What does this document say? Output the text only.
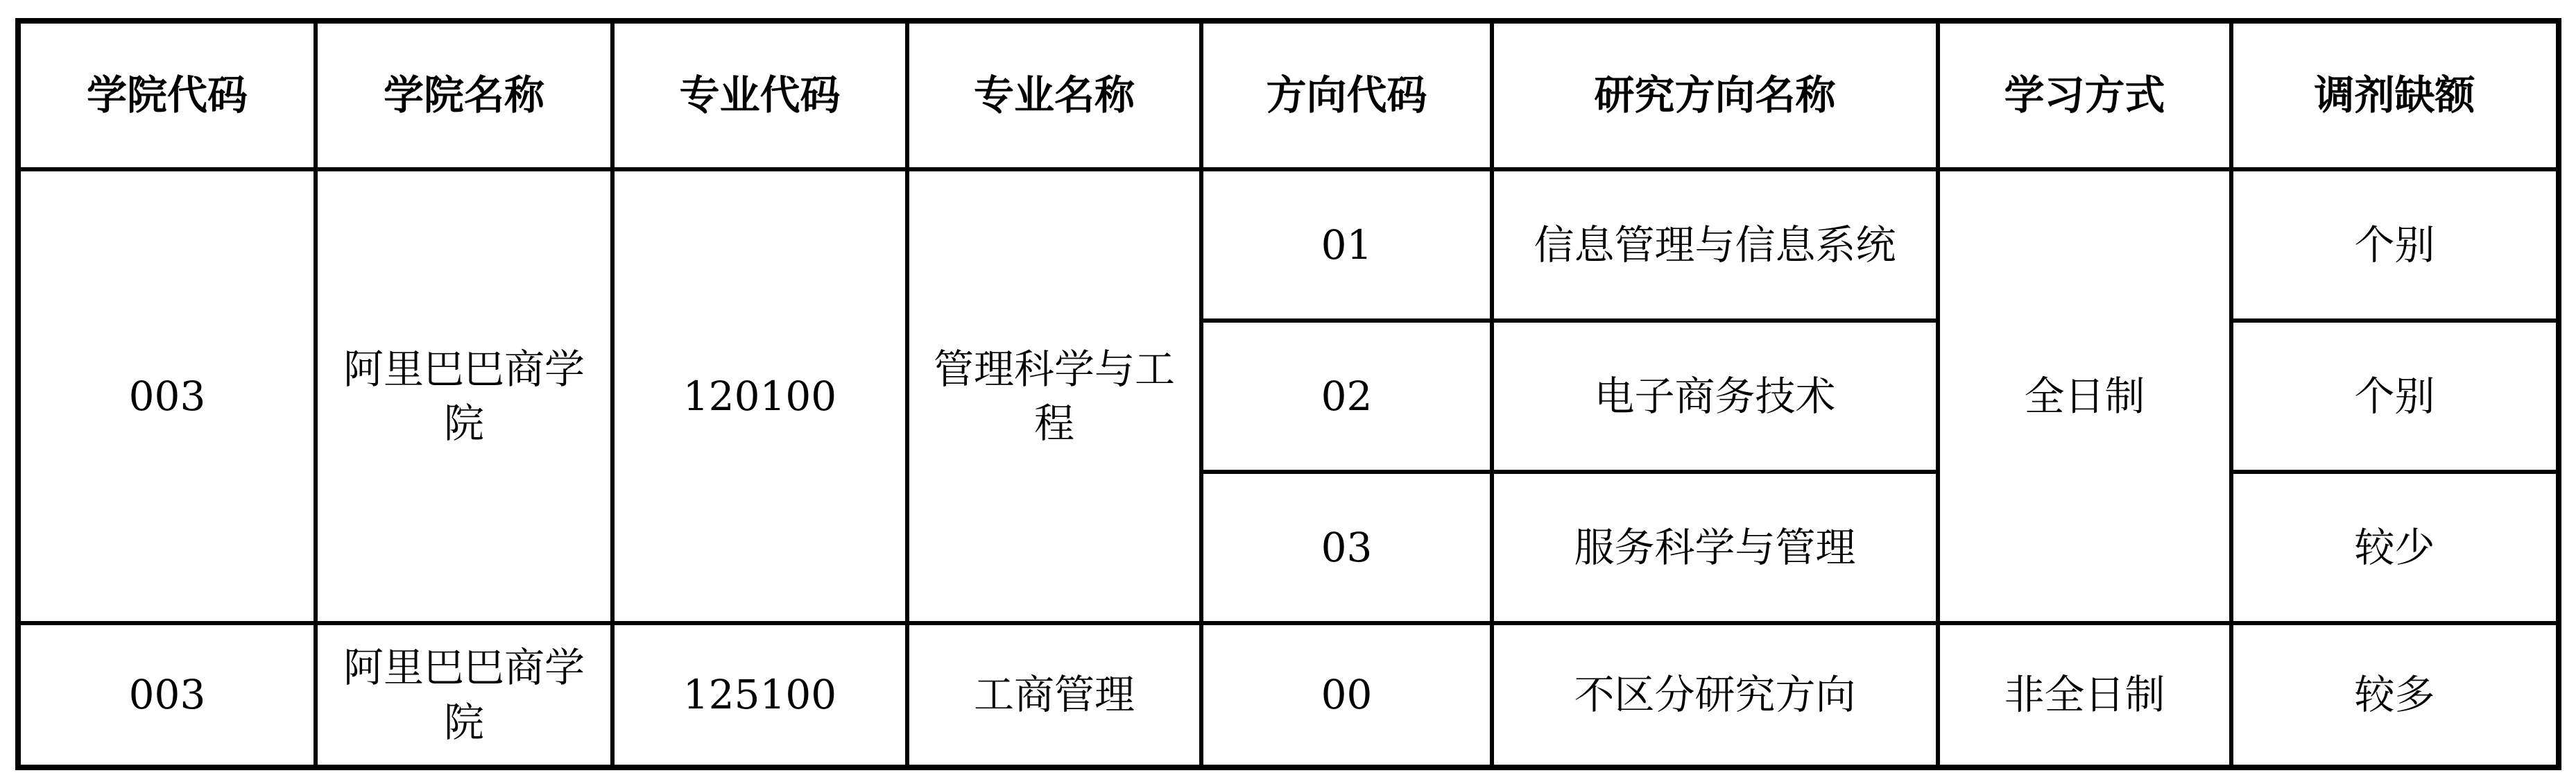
学院代码	学院名称	专业代码	专业名称	方向代码	研究方向名称	学习方式	调剂缺额
003	阿里巴巴商学院	120100	管理科学与工程	01	信息管理与信息系统	全日制	个别
				02	电子商务技术		个别
				03	服务科学与管理		较少
003	阿里巴巴商学院	125100	工商管理	00	不区分研究方向	非全日制	较多
